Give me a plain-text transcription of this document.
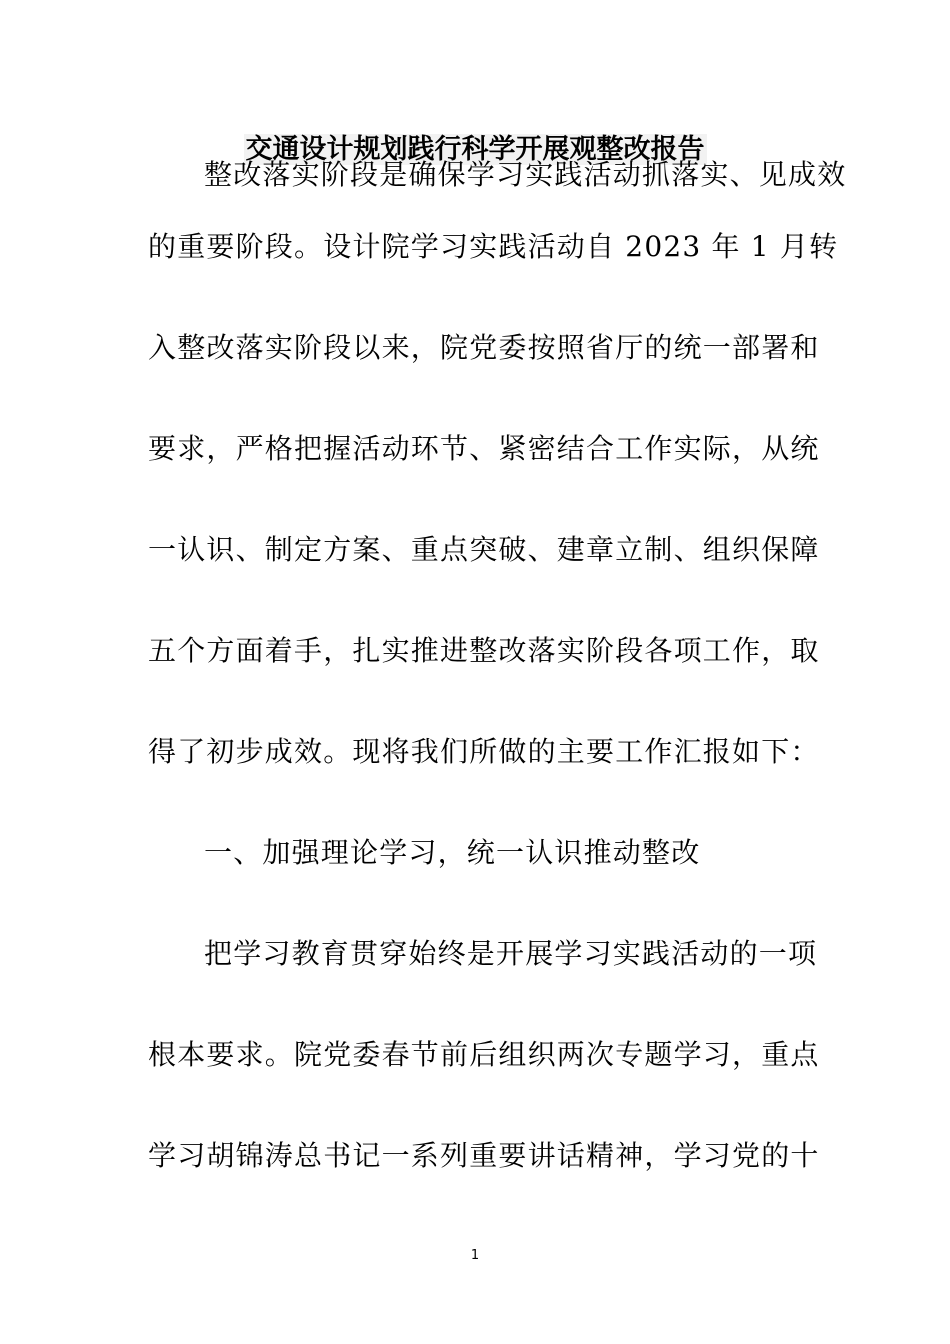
交通设计规划践行科学开展观整改报告
整改落实阶段是确保学习实践活动抓落实、见成效
的重要阶段。设计院学习实践活动自 2023 年 1 月转
入整改落实阶段以来，院党委按照省厅的统一部署和
要求，严格把握活动环节、紧密结合工作实际，从统
一认识、制定方案、重点突破、建章立制、组织保障
五个方面着手，扎实推进整改落实阶段各项工作，取
得了初步成效。现将我们所做的主要工作汇报如下：
一、加强理论学习，统一认识推动整改
把学习教育贯穿始终是开展学习实践活动的一项
根本要求。院党委春节前后组织两次专题学习，重点
学习胡锦涛总书记一系列重要讲话精神，学习党的十
1
